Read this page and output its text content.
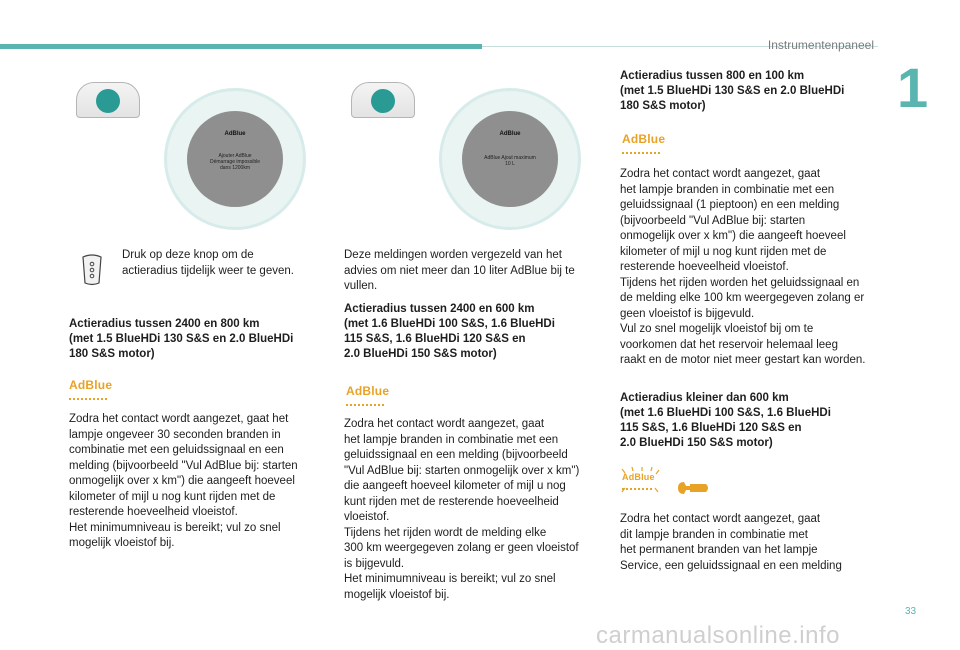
Instrumentenpaneel
1
AdBlue
Ajouter AdBlue
Démarrage impossible
dans 1200km
AdBlue
AdBlue Ajout maximum
10 L
Druk op deze knop om de
actieradius tijdelijk weer te geven.
Actieradius tussen 2400 en 800 km
(met 1.5 BlueHDi 130 S&S en 2.0 BlueHDi
180 S&S motor)
AdBlue
Zodra het contact wordt aangezet, gaat het
lampje ongeveer 30 seconden branden in
combinatie met een geluidssignaal en een
melding (bijvoorbeeld "Vul AdBlue bij: starten
onmogelijk over x km") die aangeeft hoeveel
kilometer of mijl u nog kunt rijden met de
resterende hoeveelheid vloeistof.
Het minimumniveau is bereikt; vul zo snel
mogelijk vloeistof bij.
Deze meldingen worden vergezeld van het
advies om niet meer dan 10 liter AdBlue bij te
vullen.
Actieradius tussen 2400 en 600 km
(met 1.6 BlueHDi 100 S&S, 1.6 BlueHDi
115 S&S, 1.6 BlueHDi 120 S&S en
2.0 BlueHDi 150 S&S motor)
AdBlue
Zodra het contact wordt aangezet, gaat
het lampje branden in combinatie met een
geluidssignaal en een melding (bijvoorbeeld
"Vul AdBlue bij: starten onmogelijk over x km")
die aangeeft hoeveel kilometer of mijl u nog
kunt rijden met de resterende hoeveelheid
vloeistof.
Tijdens het rijden wordt de melding elke
300 km weergegeven zolang er geen vloeistof
is bijgevuld.
Het minimumniveau is bereikt; vul zo snel
mogelijk vloeistof bij.
Actieradius tussen 800 en 100 km
(met 1.5 BlueHDi 130 S&S en 2.0 BlueHDi
180 S&S motor)
AdBlue
Zodra het contact wordt aangezet, gaat
het lampje branden in combinatie met een
geluidssignaal (1 pieptoon) en een melding
(bijvoorbeeld "Vul AdBlue bij: starten
onmogelijk over x km") die aangeeft hoeveel
kilometer of mijl u nog kunt rijden met de
resterende hoeveelheid vloeistof.
Tijdens het rijden worden het geluidssignaal en
de melding elke 100 km weergegeven zolang er
geen vloeistof is bijgevuld.
Vul zo snel mogelijk vloeistof bij om te
voorkomen dat het reservoir helemaal leeg
raakt en de motor niet meer gestart kan worden.
Actieradius kleiner dan 600 km
(met 1.6 BlueHDi 100 S&S, 1.6 BlueHDi
115 S&S, 1.6 BlueHDi 120 S&S en
2.0 BlueHDi 150 S&S motor)
AdBlue
Zodra het contact wordt aangezet, gaat
dit lampje branden in combinatie met
het permanent branden van het lampje
Service, een geluidssignaal en een melding
33
carmanualsonline.info
